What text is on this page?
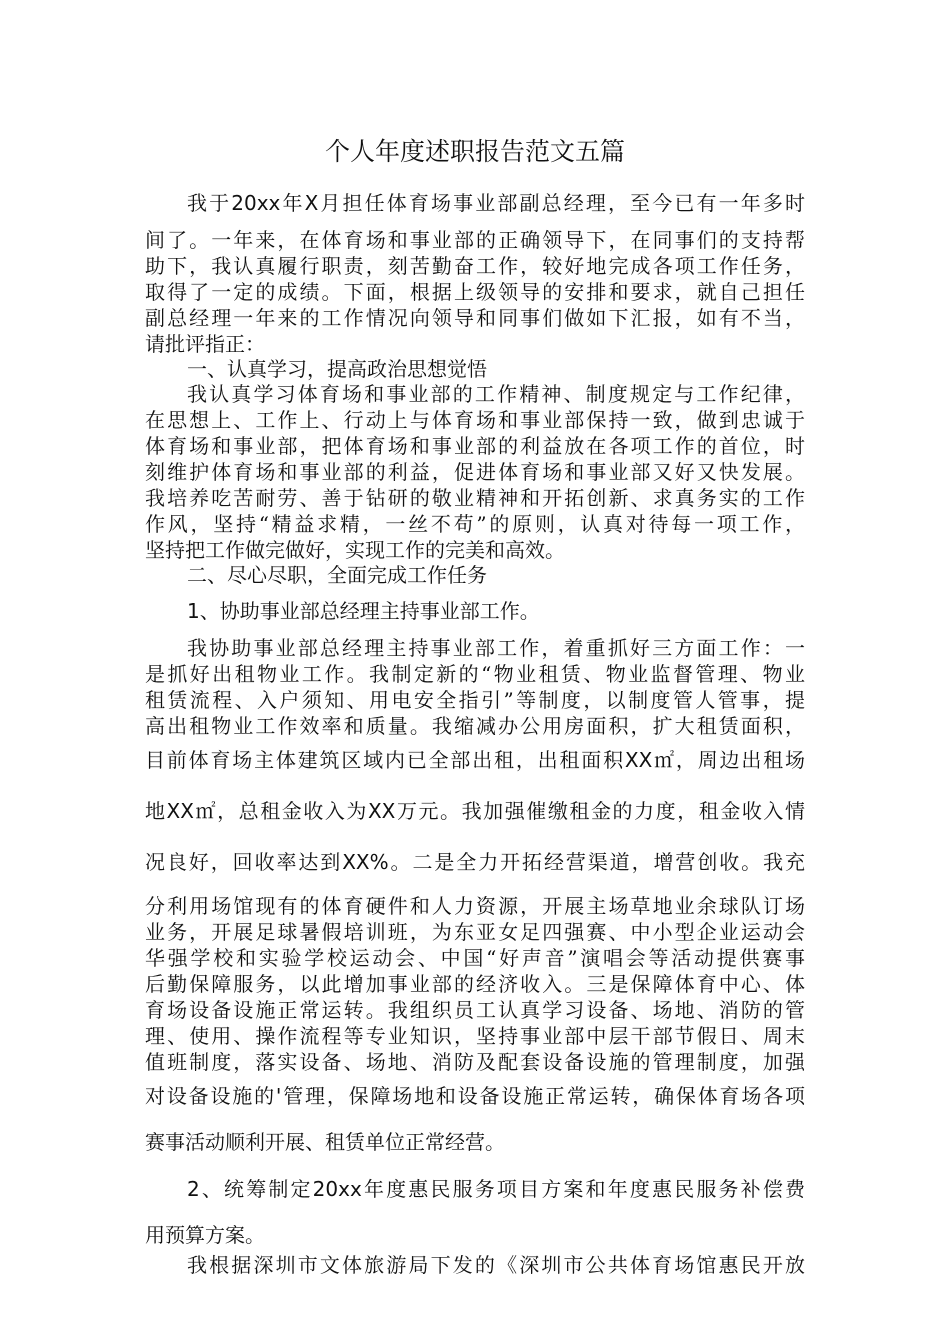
个人年度述职报告范文五篇
我于20xx年X月担任体育场事业部副总经理，至今已有一年多时
间了。一年来，在体育场和事业部的正确领导下，在同事们的支持帮
助下，我认真履行职责，刻苦勤奋工作，较好地完成各项工作任务，
取得了一定的成绩。下面，根据上级领导的安排和要求，就自己担任
副总经理一年来的工作情况向领导和同事们做如下汇报，如有不当，
请批评指正：
一、认真学习，提高政治思想觉悟
我认真学习体育场和事业部的工作精神、制度规定与工作纪律，
在思想上、工作上、行动上与体育场和事业部保持一致，做到忠诚于
体育场和事业部，把体育场和事业部的利益放在各项工作的首位，时
刻维护体育场和事业部的利益，促进体育场和事业部又好又快发展。
我培养吃苦耐劳、善于钻研的敬业精神和开拓创新、求真务实的工作
作风，坚持“精益求精，一丝不苟”的原则，认真对待每一项工作，
坚持把工作做完做好，实现工作的完美和高效。
二、尽心尽职，全面完成工作任务
1、协助事业部总经理主持事业部工作。
我协助事业部总经理主持事业部工作，着重抓好三方面工作：一
是抓好出租物业工作。我制定新的“物业租赁、物业监督管理、物业
租赁流程、入户须知、用电安全指引”等制度，以制度管人管事，提
高出租物业工作效率和质量。我缩减办公用房面积，扩大租赁面积，
目前体育场主体建筑区域内已全部出租，出租面积XX㎡，周边出租场
地XX㎡，总租金收入为XX万元。我加强催缴租金的力度，租金收入情
况良好，回收率达到XX%。二是全力开拓经营渠道，增营创收。我充
分利用场馆现有的体育硬件和人力资源，开展主场草地业余球队订场
业务，开展足球暑假培训班，为东亚女足四强赛、中小型企业运动会
华强学校和实验学校运动会、中国“好声音”演唱会等活动提供赛事
后勤保障服务，以此增加事业部的经济收入。三是保障体育中心、体
育场设备设施正常运转。我组织员工认真学习设备、场地、消防的管
理、使用、操作流程等专业知识，坚持事业部中层干部节假日、周末
值班制度，落实设备、场地、消防及配套设备设施的管理制度，加强
对设备设施的'管理，保障场地和设备设施正常运转，确保体育场各项
赛事活动顺利开展、租赁单位正常经营。
2、统筹制定20xx年度惠民服务项目方案和年度惠民服务补偿费
用预算方案。
我根据深圳市文体旅游局下发的《深圳市公共体育场馆惠民开放
